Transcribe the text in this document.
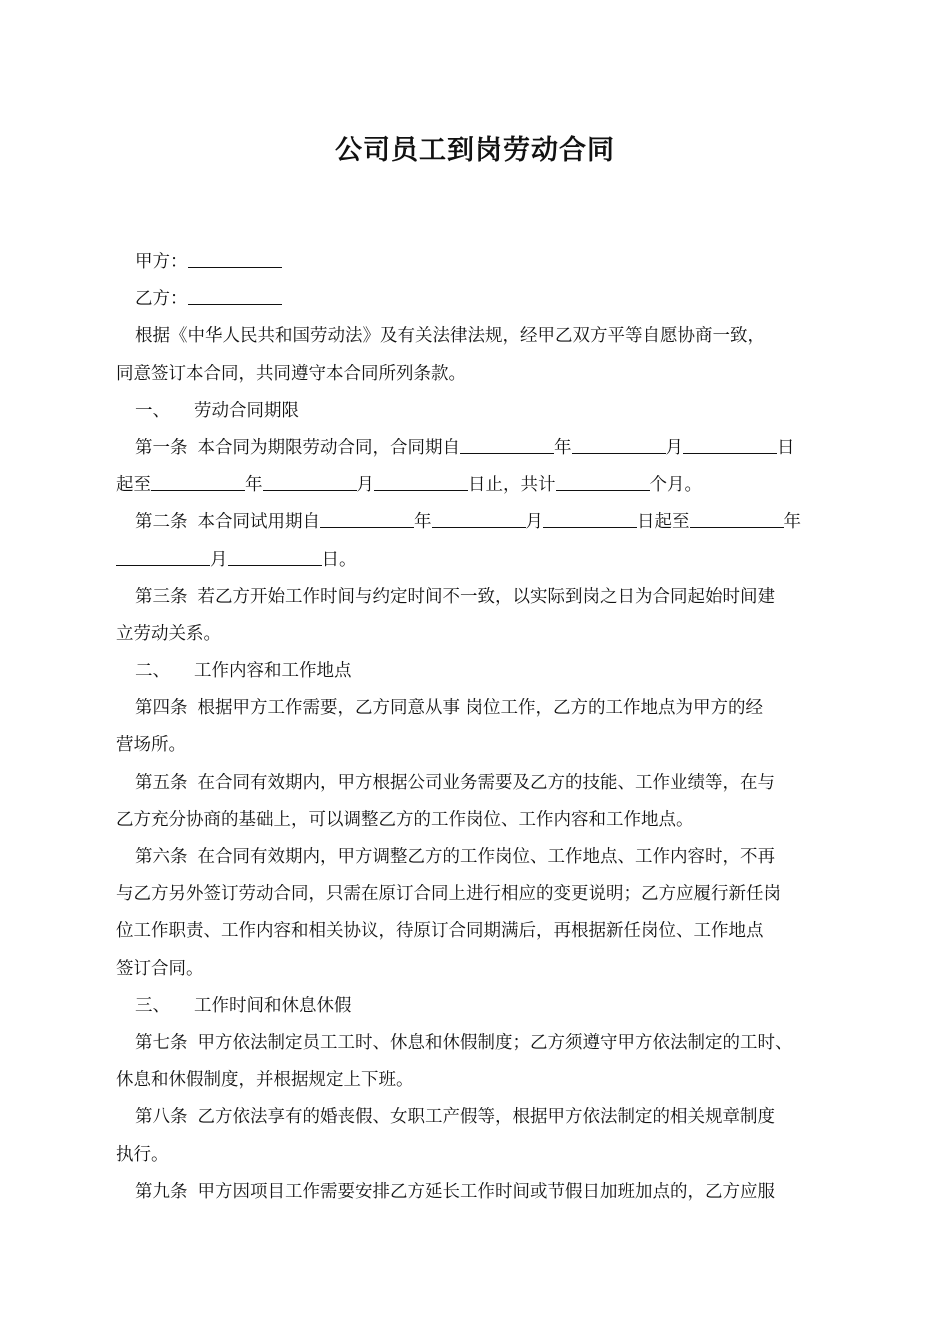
公司员工到岗劳动合同
甲方：
乙方：
根据《中华人民共和国劳动法》及有关法律法规，经甲乙双方平等自愿协商一致，
同意签订本合同，共同遵守本合同所列条款。
一、 劳动合同期限
第一条 本合同为期限劳动合同，合同期自	年	月	日
起至	年	月	日止，共计	个月。
第二条 本合同试用期自	年	月	日起至	年
月	日。
第三条 若乙方开始工作时间与约定时间不一致，以实际到岗之日为合同起始时间建
立劳动关系。
二、 工作内容和工作地点
第四条 根据甲方工作需要，乙方同意从事 岗位工作，乙方的工作地点为甲方的经
营场所。
第五条 在合同有效期内，甲方根据公司业务需要及乙方的技能、工作业绩等，在与
乙方充分协商的基础上，可以调整乙方的工作岗位、工作内容和工作地点。
第六条 在合同有效期内，甲方调整乙方的工作岗位、工作地点、工作内容时，不再
与乙方另外签订劳动合同，只需在原订合同上进行相应的变更说明；乙方应履行新任岗
位工作职责、工作内容和相关协议，待原订合同期满后，再根据新任岗位、工作地点
签订合同。
三、 工作时间和休息休假
第七条 甲方依法制定员工工时、休息和休假制度；乙方须遵守甲方依法制定的工时、
休息和休假制度，并根据规定上下班。
第八条 乙方依法享有的婚丧假、女职工产假等，根据甲方依法制定的相关规章制度
执行。
第九条 甲方因项目工作需要安排乙方延长工作时间或节假日加班加点的，乙方应服
